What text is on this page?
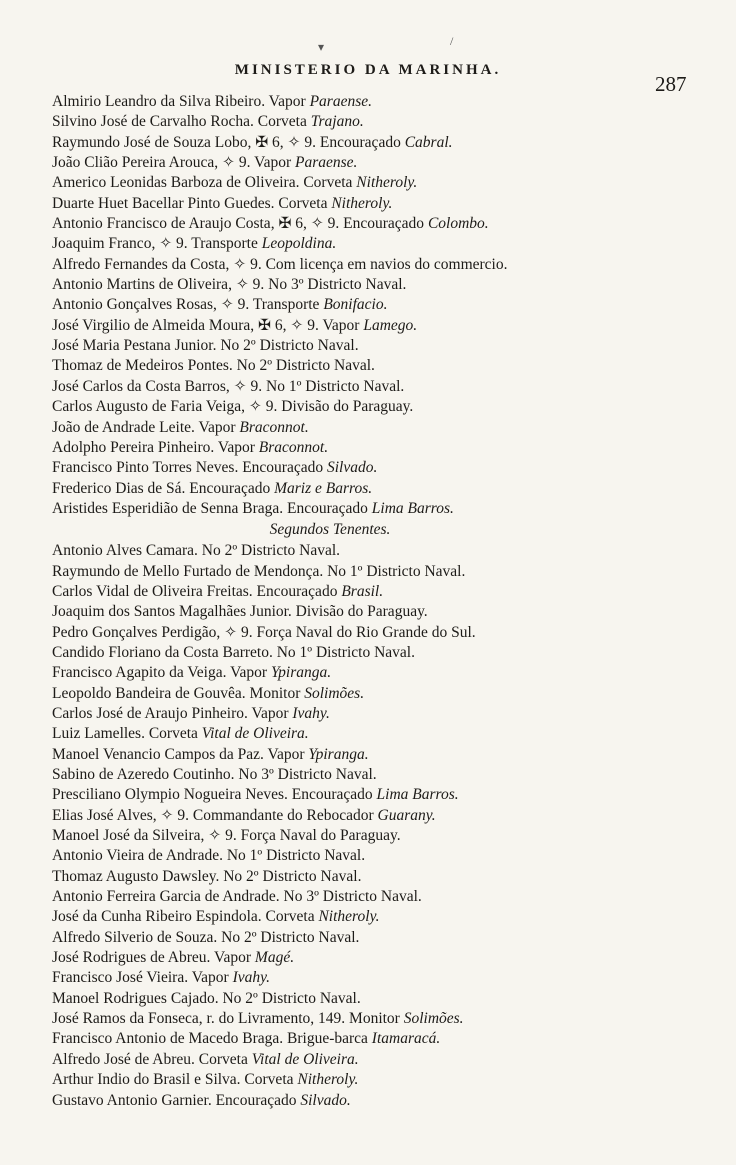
▾	/
MINISTERIO DA MARINHA.
287
Almirio Leandro da Silva Ribeiro. Vapor Paraense.
Silvino José de Carvalho Rocha. Corveta Trajano.
Raymundo José de Souza Lobo, ✠ 6, ✧ 9. Encouraçado Cabral.
João Clião Pereira Arouca, ✧ 9. Vapor Paraense.
Americo Leonidas Barboza de Oliveira. Corveta Nitheroly.
Duarte Huet Bacellar Pinto Guedes. Corveta Nitheroly.
Antonio Francisco de Araujo Costa, ✠ 6, ✧ 9. Encouraçado Colombo.
Joaquim Franco, ✧ 9. Transporte Leopoldina.
Alfredo Fernandes da Costa, ✧ 9. Com licença em navios do commercio.
Antonio Martins de Oliveira, ✧ 9. No 3º Districto Naval.
Antonio Gonçalves Rosas, ✧ 9. Transporte Bonifacio.
José Virgilio de Almeida Moura, ✠ 6, ✧ 9. Vapor Lamego.
José Maria Pestana Junior. No 2º Districto Naval.
Thomaz de Medeiros Pontes. No 2º Districto Naval.
José Carlos da Costa Barros, ✧ 9. No 1º Districto Naval.
Carlos Augusto de Faria Veiga, ✧ 9. Divisão do Paraguay.
João de Andrade Leite. Vapor Braconnot.
Adolpho Pereira Pinheiro. Vapor Braconnot.
Francisco Pinto Torres Neves. Encouraçado Silvado.
Frederico Dias de Sá. Encouraçado Mariz e Barros.
Aristides Esperidião de Senna Braga. Encouraçado Lima Barros.
Segundos Tenentes.
Antonio Alves Camara. No 2º Districto Naval.
Raymundo de Mello Furtado de Mendonça. No 1º Districto Naval.
Carlos Vidal de Oliveira Freitas. Encouraçado Brasil.
Joaquim dos Santos Magalhães Junior. Divisão do Paraguay.
Pedro Gonçalves Perdigão, ✧ 9. Força Naval do Rio Grande do Sul.
Candido Floriano da Costa Barreto. No 1º Districto Naval.
Francisco Agapito da Veiga. Vapor Ypiranga.
Leopoldo Bandeira de Gouvêa. Monitor Solimões.
Carlos José de Araujo Pinheiro. Vapor Ivahy.
Luiz Lamelles. Corveta Vital de Oliveira.
Manoel Venancio Campos da Paz. Vapor Ypiranga.
Sabino de Azeredo Coutinho. No 3º Districto Naval.
Presciliano Olympio Nogueira Neves. Encouraçado Lima Barros.
Elias José Alves, ✧ 9. Commandante do Rebocador Guarany.
Manoel José da Silveira, ✧ 9. Força Naval do Paraguay.
Antonio Vieira de Andrade. No 1º Districto Naval.
Thomaz Augusto Dawsley. No 2º Districto Naval.
Antonio Ferreira Garcia de Andrade. No 3º Districto Naval.
José da Cunha Ribeiro Espindola. Corveta Nitheroly.
Alfredo Silverio de Souza. No 2º Districto Naval.
José Rodrigues de Abreu. Vapor Magé.
Francisco José Vieira. Vapor Ivahy.
Manoel Rodrigues Cajado. No 2º Districto Naval.
José Ramos da Fonseca, r. do Livramento, 149. Monitor Solimões.
Francisco Antonio de Macedo Braga. Brigue-barca Itamaracá.
Alfredo José de Abreu. Corveta Vital de Oliveira.
Arthur Indio do Brasil e Silva. Corveta Nitheroly.
Gustavo Antonio Garnier. Encouraçado Silvado.
